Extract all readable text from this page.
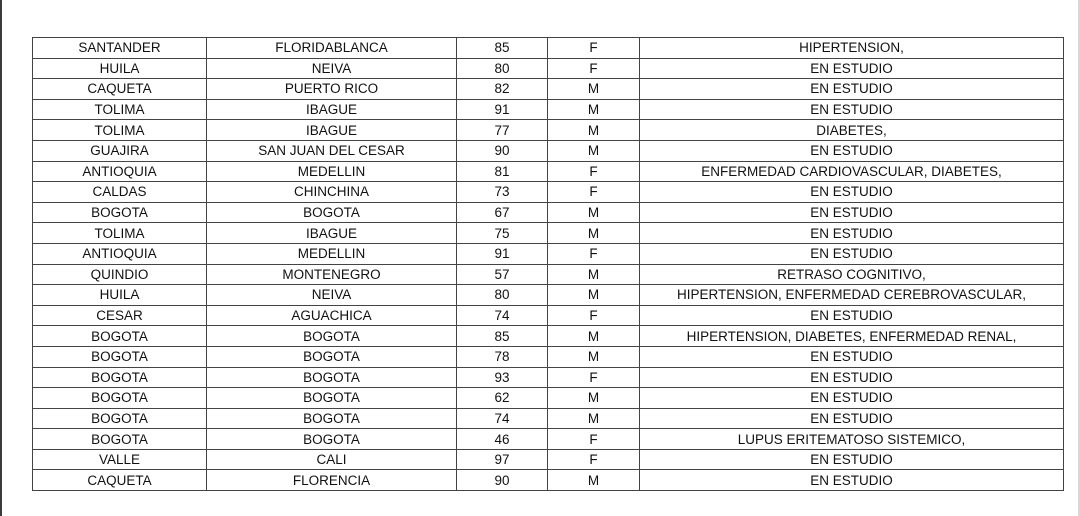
SANTANDER	FLORIDABLANCA	85	F	HIPERTENSION,
HUILA	NEIVA	80	F	EN ESTUDIO
CAQUETA	PUERTO RICO	82	M	EN ESTUDIO
TOLIMA	IBAGUE	91	M	EN ESTUDIO
TOLIMA	IBAGUE	77	M	DIABETES,
GUAJIRA	SAN JUAN DEL CESAR	90	M	EN ESTUDIO
ANTIOQUIA	MEDELLIN	81	F	ENFERMEDAD CARDIOVASCULAR, DIABETES,
CALDAS	CHINCHINA	73	F	EN ESTUDIO
BOGOTA	BOGOTA	67	M	EN ESTUDIO
TOLIMA	IBAGUE	75	M	EN ESTUDIO
ANTIOQUIA	MEDELLIN	91	F	EN ESTUDIO
QUINDIO	MONTENEGRO	57	M	RETRASO COGNITIVO,
HUILA	NEIVA	80	M	HIPERTENSION, ENFERMEDAD CEREBROVASCULAR,
CESAR	AGUACHICA	74	F	EN ESTUDIO
BOGOTA	BOGOTA	85	M	HIPERTENSION, DIABETES, ENFERMEDAD RENAL,
BOGOTA	BOGOTA	78	M	EN ESTUDIO
BOGOTA	BOGOTA	93	F	EN ESTUDIO
BOGOTA	BOGOTA	62	M	EN ESTUDIO
BOGOTA	BOGOTA	74	M	EN ESTUDIO
BOGOTA	BOGOTA	46	F	LUPUS ERITEMATOSO SISTEMICO,
VALLE	CALI	97	F	EN ESTUDIO
CAQUETA	FLORENCIA	90	M	EN ESTUDIO
